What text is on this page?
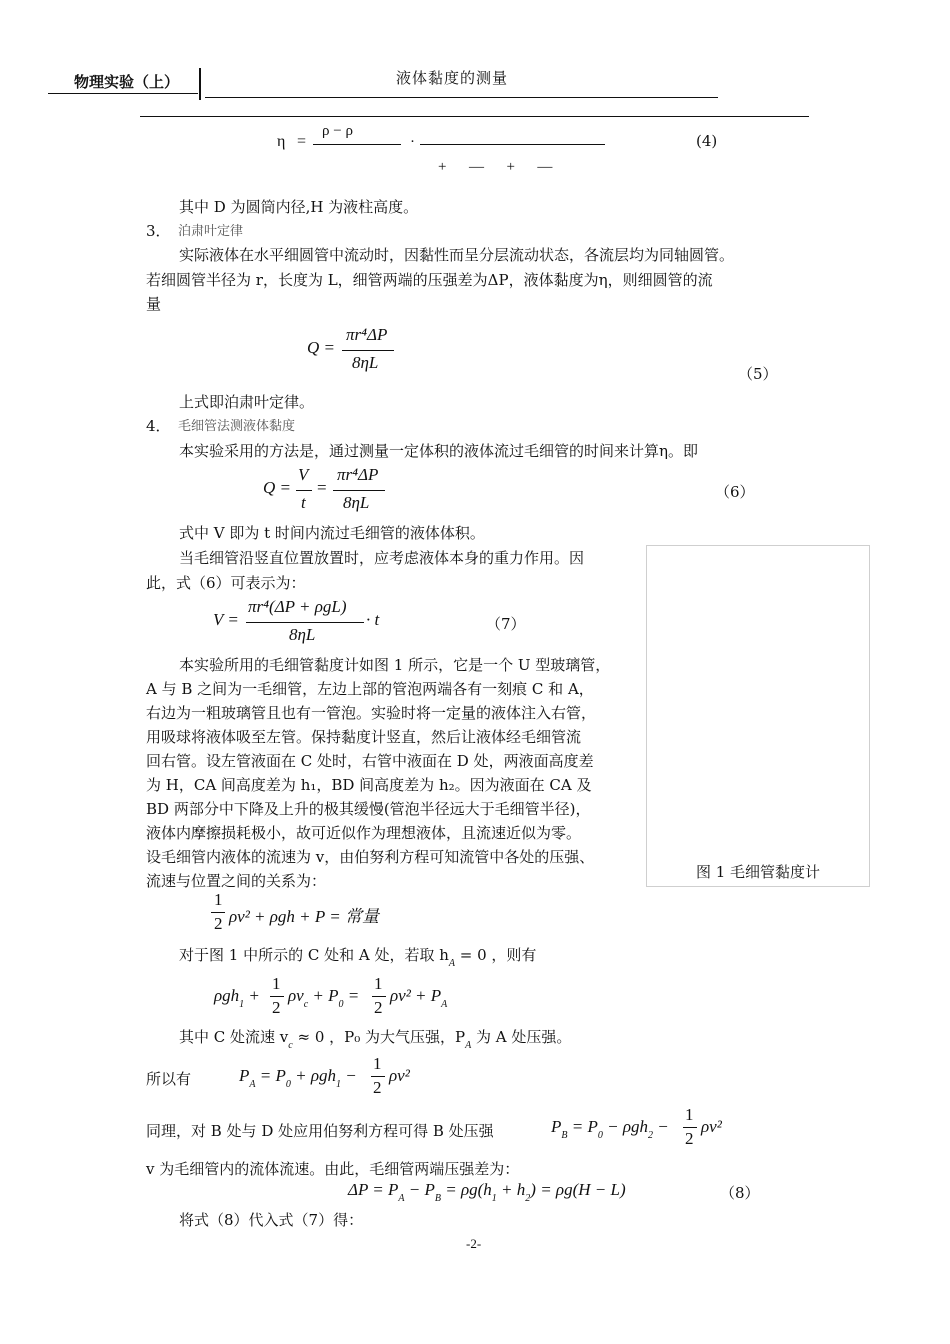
物理实验（上）	液体黏度的测量
η =
ρ − ρ
·
+      —      +      —
(4)
其中 D 为圆筒内径,H 为液柱高度。
3． 泊肃叶定律
实际液体在水平细圆管中流动时，因黏性而呈分层流动状态，各流层均为同轴圆管。
若细圆管半径为 r，长度为 L，细管两端的压强差为ΔP，液体黏度为η，则细圆管的流
量
Q =
πr⁴ΔP
8ηL
（5）
上式即泊肃叶定律。
4． 毛细管法测液体黏度
本实验采用的方法是，通过测量一定体积的液体流过毛细管的时间来计算η。即
Q =
V
t
=
πr⁴ΔP
8ηL
（6）
式中 V 即为 t 时间内流过毛细管的液体体积。
当毛细管沿竖直位置放置时，应考虑液体本身的重力作用。因
此，式（6）可表示为：
V =
πr⁴(ΔP + ρgL)
8ηL
· t	（7）
本实验所用的毛细管黏度计如图 1 所示，它是一个 U 型玻璃管，
A 与 B 之间为一毛细管，左边上部的管泡两端各有一刻痕 C 和 A，
右边为一粗玻璃管且也有一管泡。实验时将一定量的液体注入右管，
用吸球将液体吸至左管。保持黏度计竖直，然后让液体经毛细管流
回右管。设左管液面在 C 处时，右管中液面在 D 处，两液面高度差
为 H，CA 间高度差为 h₁，BD 间高度差为 h₂。因为液面在 CA 及
BD 两部分中下降及上升的极其缓慢(管泡半径远大于毛细管半径)，
液体内摩擦损耗极小，故可近似作为理想液体，且流速近似为零。
设毛细管内液体的流速为 v，由伯努利方程可知流管中各处的压强、
流速与位置之间的关系为：	图 1 毛细管黏度计
1
2 ρv² + ρgh + P = 常量
对于图 1 中所示的 C 处和 A 处，若取 $h_A = 0$ ，则有
ρgh$_1$ +
1
2
$\rho v_c + P_0$ =
1
2
$\rho v^2 + P_A$
其中 C 处流速 $v_c \approx 0$ ，P₀ 为大气压强，$P_A$ 为 A 处压强。
所以有	$P_A = P_0 + \rho gh_1$ −
1
2
ρv²
同理，对 B 处与 D 处应用伯努利方程可得 B 处压强	$P_B = P_0 - \rho gh_2$ −
1
2
ρv²
v 为毛细管内的流体流速。由此，毛细管两端压强差为：
$\Delta P = P_A - P_B = \rho g(h_1 + h_2) = \rho g(H - L)$	（8）
将式（8）代入式（7）得：
-2-
